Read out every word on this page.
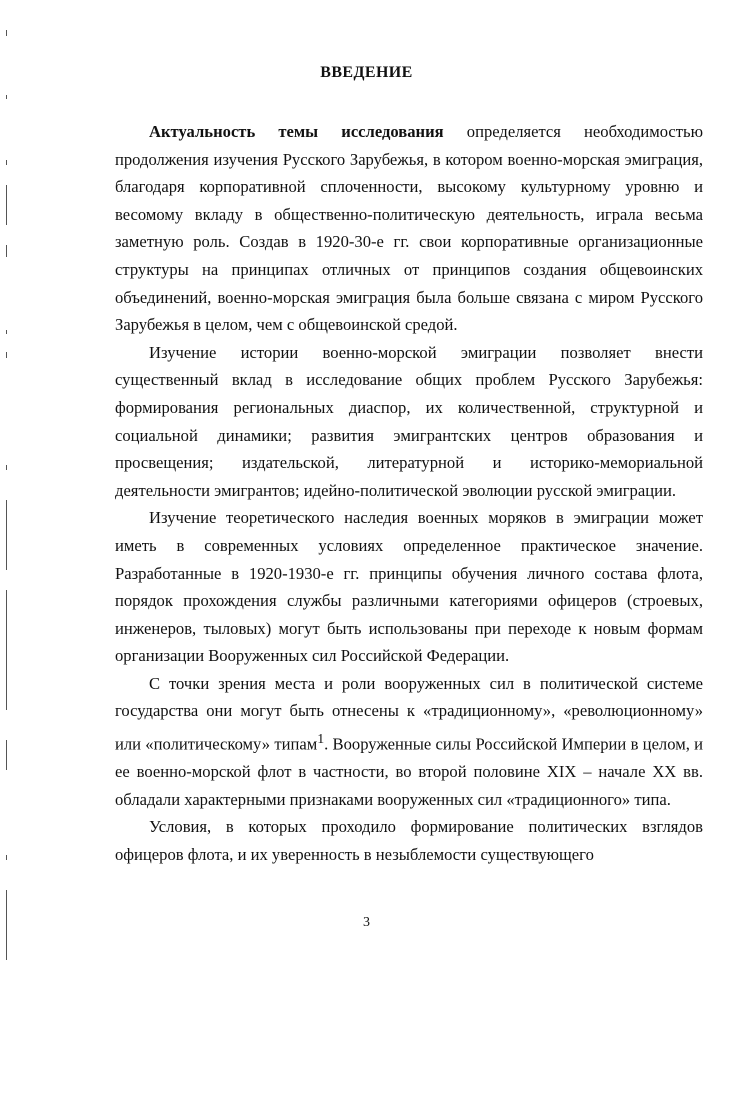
ВВЕДЕНИЕ

Актуальность темы исследования определяется необходимостью продолжения изучения Русского Зарубежья, в котором военно-морская эмиграция, благодаря корпоративной сплоченности, высокому культурному уровню и весомому вкладу в общественно-политическую деятельность, играла весьма заметную роль. Создав в 1920-30-е гг. свои корпоративные организационные структуры на принципах отличных от принципов создания общевоинских объединений, военно-морская эмиграция была больше связана с миром Русского Зарубежья в целом, чем с общевоинской средой.

Изучение истории военно-морской эмиграции позволяет внести существенный вклад в исследование общих проблем Русского Зарубежья: формирования региональных диаспор, их количественной, структурной и социальной динамики; развития эмигрантских центров образования и просвещения; издательской, литературной и историко-мемориальной деятельности эмигрантов; идейно-политической эволюции русской эмиграции.

Изучение теоретического наследия военных моряков в эмиграции может иметь в современных условиях определенное практическое значение. Разработанные в 1920-1930-е гг. принципы обучения личного состава флота, порядок прохождения службы различными категориями офицеров (строевых, инженеров, тыловых) могут быть использованы при переходе к новым формам организации Вооруженных сил Российской Федерации.

С точки зрения места и роли вооруженных сил в политической системе государства они могут быть отнесены к «традиционному», «революционному» или «политическому» типам$^1$. Вооруженные силы Российской Империи в целом, и ее военно-морской флот в частности, во второй половине XIX – начале XX вв. обладали характерными признаками вооруженных сил «традиционного» типа.

Условия, в которых проходило формирование политических взглядов офицеров флота, и их уверенность в незыблемости существующего

3
